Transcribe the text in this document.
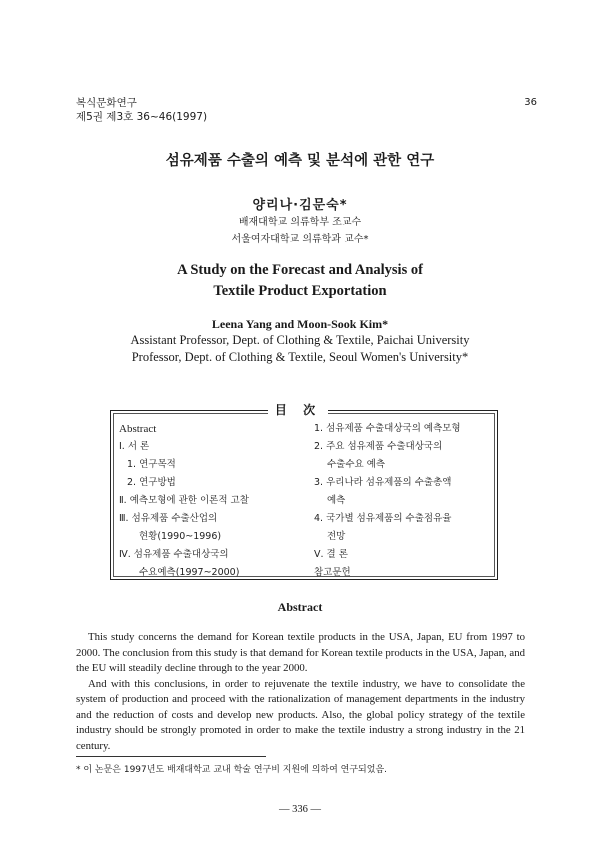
복식문화연구
제5권 제3호 36~46(1997)
36
섬유제품 수출의 예측 및 분석에 관한 연구
양리나·김문숙*
배재대학교 의류학부 조교수
서울여자대학교 의류학과 교수*
A Study on the Forecast and Analysis of
Textile Product Exportation
Leena Yang and Moon-Sook Kim*
Assistant Professor, Dept. of Clothing & Textile, Paichai University
Professor, Dept. of Clothing & Textile, Seoul Women's University*
目 次
Abstract
Ⅰ. 서 론
1. 연구목적
2. 연구방법
Ⅱ. 예측모형에 관한 이론적 고찰
Ⅲ. 섬유제품 수출산업의
현황(1990~1996)
Ⅳ. 섬유제품 수출대상국의
수요예측(1997~2000)
1. 섬유제품 수출대상국의 예측모형
2. 주요 섬유제품 수출대상국의
수출수요 예측
3. 우리나라 섬유제품의 수출총액
예측
4. 국가별 섬유제품의 수출점유율
전망
Ⅴ. 결 론
참고문헌
Abstract

This study concerns the demand for Korean textile products in the USA, Japan, EU from 1997 to 2000. The conclusion from this study is that demand for Korean textile products in the USA, Japan, and the EU will steadily decline through to the year 2000.

And with this conclusions, in order to rejuvenate the textile industry, we have to consolidate the system of production and proceed with the rationalization of management departments in the industry and the reduction of costs and develop new products. Also, the global policy strategy of the textile industry should be strongly promoted in order to make the textile industry a strong industry in the 21 century.

* 이 논문은 1997년도 배재대학교 교내 학술 연구비 지원에 의하여 연구되었음.
— 336 —
